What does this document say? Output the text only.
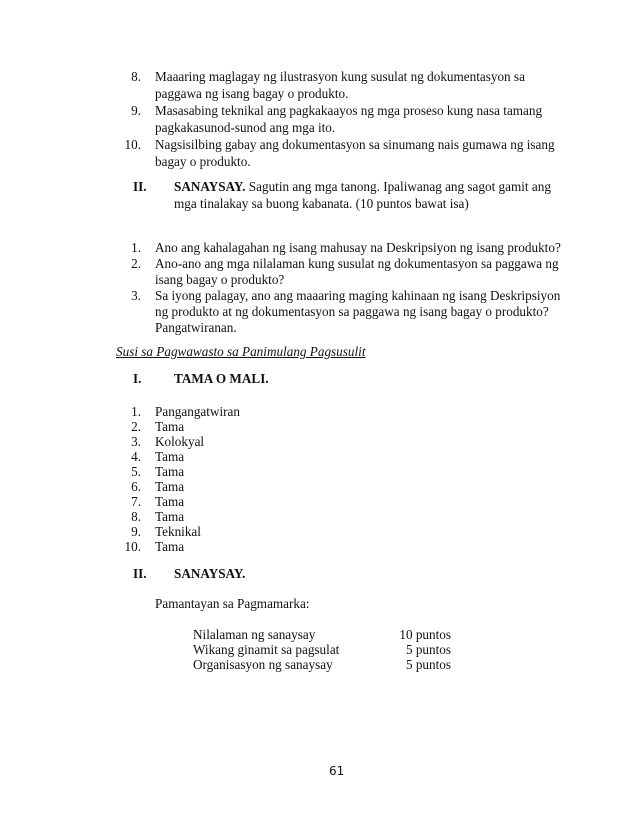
8. Maaaring maglagay ng ilustrasyon kung susulat ng dokumentasyon sa
paggawa ng isang bagay o produkto.
9. Masasabing teknikal ang pagkakaayos ng mga proseso kung nasa tamang
pagkakasunod-sunod ang mga ito.
10. Nagsisilbing gabay ang dokumentasyon sa sinumang nais gumawa ng isang
bagay o produkto.
II. SANAYSAY. Sagutin ang mga tanong. Ipaliwanag ang sagot gamit ang
mga tinalakay sa buong kabanata. (10 puntos bawat isa)
1. Ano ang kahalagahan ng isang mahusay na Deskripsiyon ng isang produkto?
2. Ano-ano ang mga nilalaman kung susulat ng dokumentasyon sa paggawa ng
isang bagay o produkto?
3. Sa iyong palagay, ano ang maaaring maging kahinaan ng isang Deskripsiyon
ng produkto at ng dokumentasyon sa paggawa ng isang bagay o produkto?
Pangatwiranan.
Susi sa Pagwawasto sa Panimulang Pagsusulit
I. TAMA O MALI.
1. Pangangatwiran
2. Tama
3. Kolokyal
4. Tama
5. Tama
6. Tama
7. Tama
8. Tama
9. Teknikal
10. Tama
II. SANAYSAY.
Pamantayan sa Pagmamarka:
Nilalaman ng sanaysay	10 puntos
Wikang ginamit sa pagsulat	5 puntos
Organisasyon ng sanaysay	5 puntos
61
